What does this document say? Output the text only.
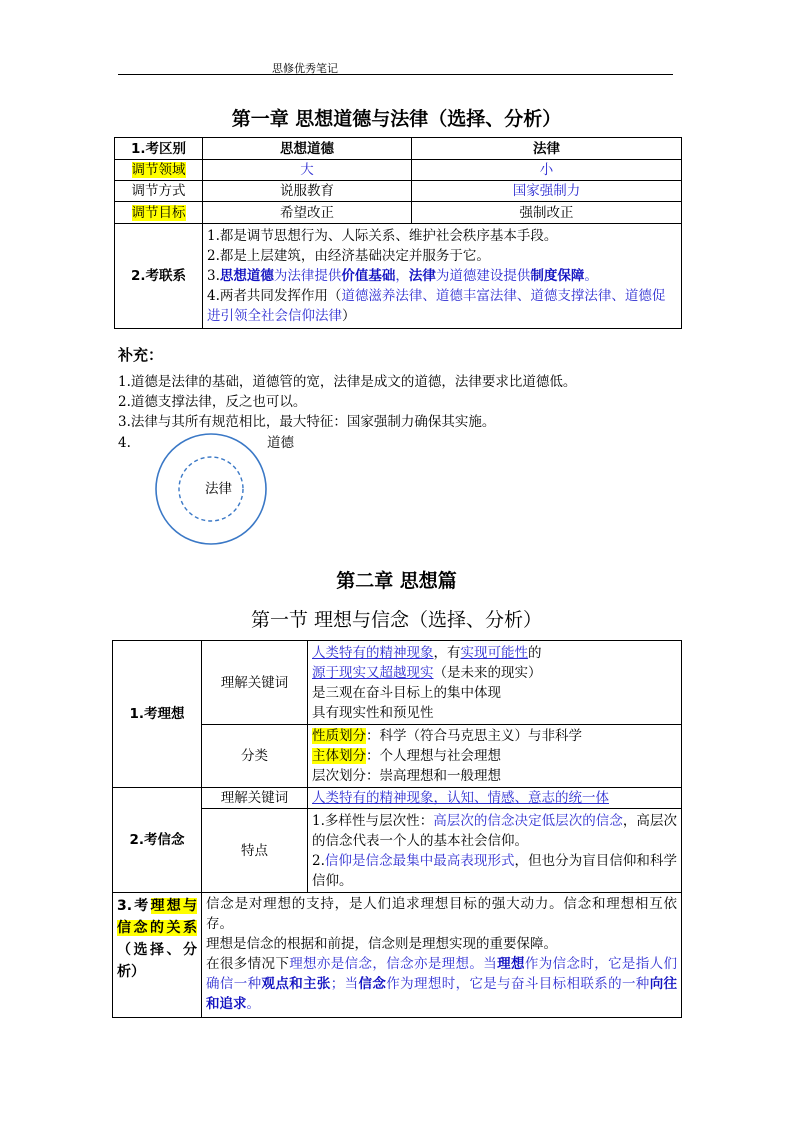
思修优秀笔记
第一章 思想道德与法律（选择、分析）
1.考区别	思想道德	法律
调节领域	大	小
调节方式	说服教育	国家强制力
调节目标	希望改正	强制改正
2.考联系	1.都是调节思想行为、人际关系、维护社会秩序基本手段。
2.都是上层建筑，由经济基础决定并服务于它。
3.思想道德为法律提供价值基础，法律为道德建设提供制度保障。
4.两者共同发挥作用（道德滋养法律、道德丰富法律、道德支撑法律、道德促进引领全社会信仰法律）	
补充：
1.道德是法律的基础，道德管的宽，法律是成文的道德，法律要求比道德低。
2.道德支撑法律，反之也可以。
3.法律与其所有规范相比，最大特征：国家强制力确保其实施。
4.	道德
法律
第二章 思想篇
第一节 理想与信念（选择、分析）
1.考理想	理解关键词	人类特有的精神现象，有实现可能性的
源于现实又超越现实（是未来的现实）
是三观在奋斗目标上的集中体现
具有现实性和预见性

	分类	性质划分：科学（符合马克思主义）与非科学
主体划分：个人理想与社会理想
层次划分：崇高理想和一般理想

2.考信念	理解关键词	人类特有的精神现象，认知、情感、意志的统一体
	特点	1.多样性与层次性：高层次的信念决定低层次的信念，高层次的信念代表一个人的基本社会信仰。
2.信仰是信念最集中最高表现形式，但也分为盲目信仰和科学信仰。

3.考理想与信念的关系（选择、分析）	信念是对理想的支持，是人们追求理想目标的强大动力。信念和理想相互依存。
理想是信念的根据和前提，信念则是理想实现的重要保障。
在很多情况下理想亦是信念，信念亦是理想。当理想作为信念时，它是指人们确信一种观点和主张；当信念作为理想时，它是与奋斗目标相联系的一种向往和追求。	
